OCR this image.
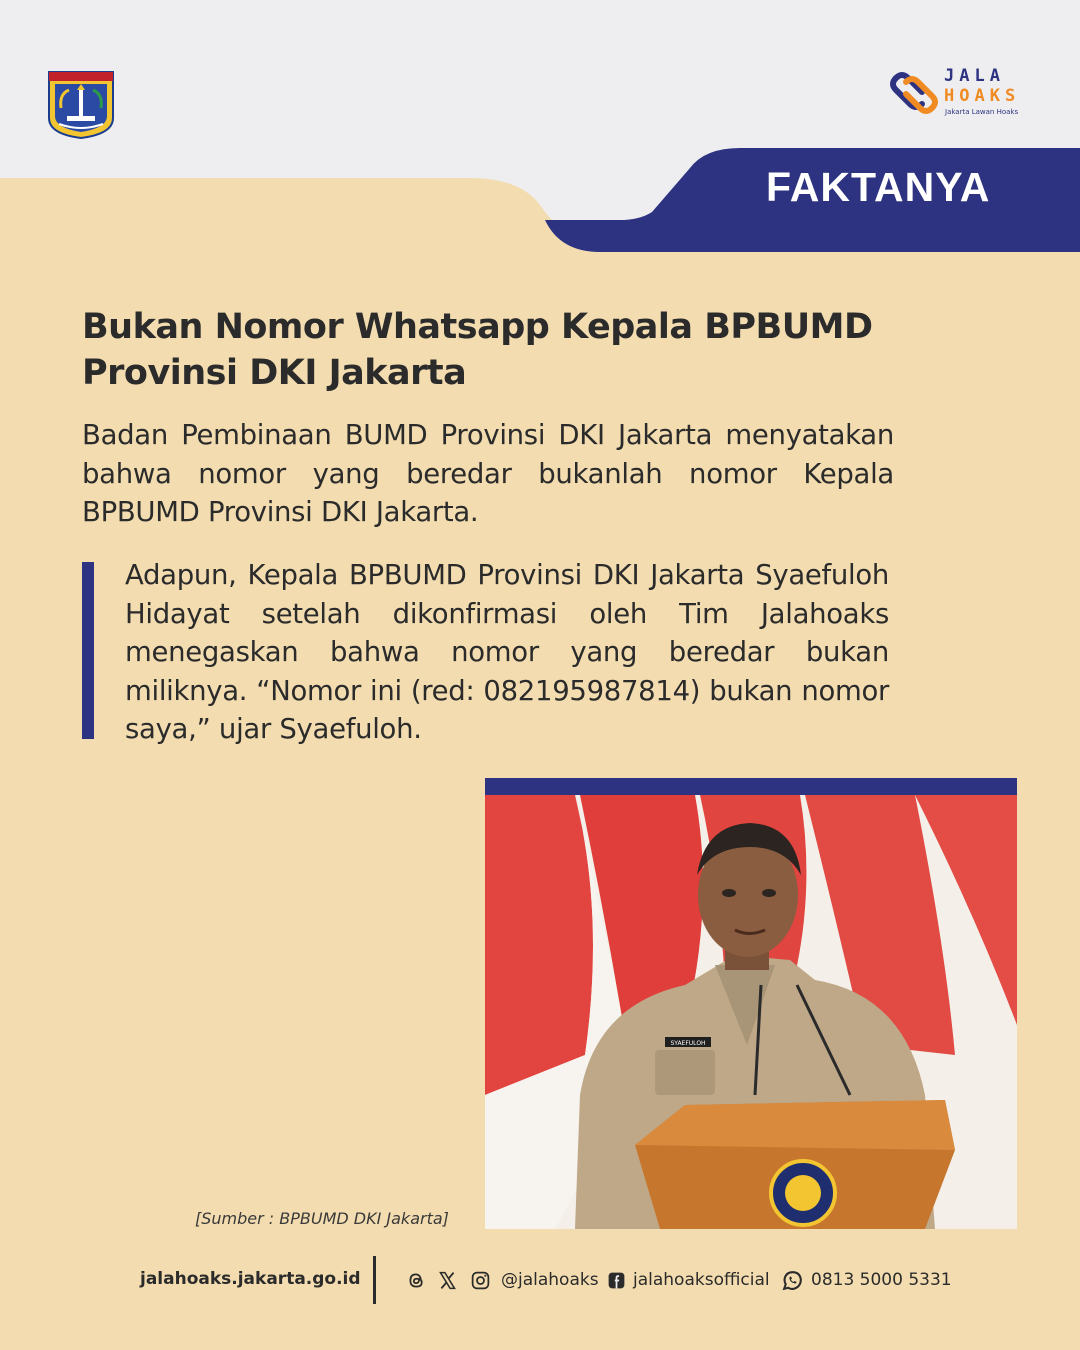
JALA
HOAKS
Jakarta Lawan Hoaks
FAKTANYA
Bukan Nomor Whatsapp Kepala BPBUMD Provinsi DKI Jakarta

Badan Pembinaan BUMD Provinsi DKI Jakarta menyatakan bahwa nomor yang beredar bukanlah nomor Kepala BPBUMD Provinsi DKI Jakarta.

Adapun, Kepala BPBUMD Provinsi DKI Jakarta Syaefuloh Hidayat setelah dikonfirmasi oleh Tim Jalahoaks menegaskan bahwa nomor yang beredar bukan miliknya. “Nomor ini (red: 082195987814) bukan nomor saya,” ujar Syaefuloh.

SYAEFULOH
[Sumber : BPBUMD DKI Jakarta]
jalahoaks.jakarta.go.id	@jalahoaks jalahoaksofficial 0813 5000 5331
